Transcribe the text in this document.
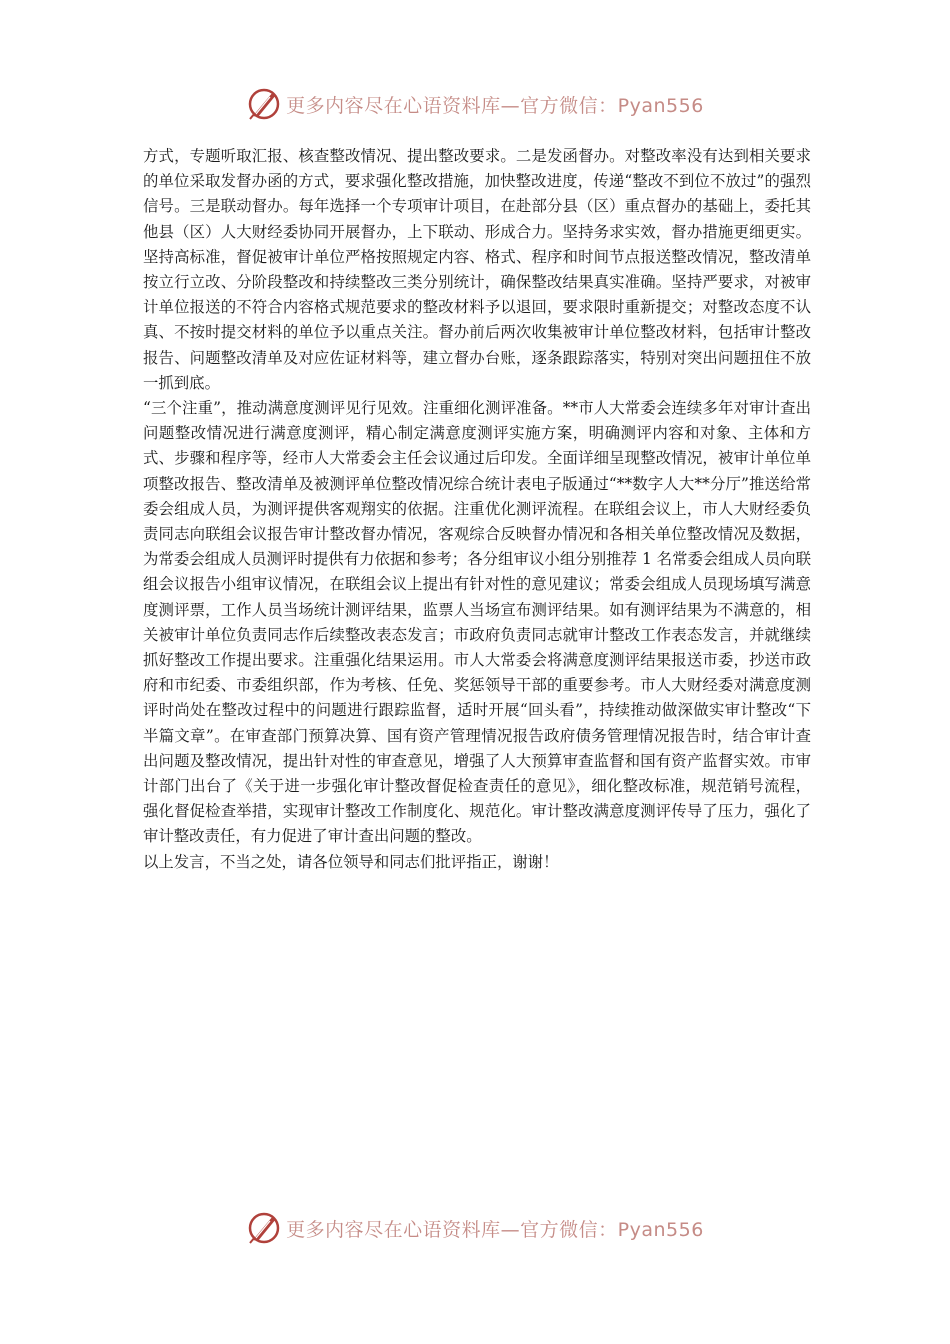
更多内容尽在心语资料库—官方微信：Pyan556

方式，专题听取汇报、核查整改情况、提出整改要求。二是发函督办。对整改率没有达到相关要求的单位采取发督办函的方式，要求强化整改措施，加快整改进度，传递“整改不到位不放过”的强烈信号。三是联动督办。每年选择一个专项审计项目，在赴部分县（区）重点督办的基础上，委托其他县（区）人大财经委协同开展督办，上下联动、形成合力。坚持务求实效，督办措施更细更实。坚持高标准，督促被审计单位严格按照规定内容、格式、程序和时间节点报送整改情况，整改清单按立行立改、分阶段整改和持续整改三类分别统计，确保整改结果真实准确。坚持严要求，对被审计单位报送的不符合内容格式规范要求的整改材料予以退回，要求限时重新提交；对整改态度不认真、不按时提交材料的单位予以重点关注。督办前后两次收集被审计单位整改材料，包括审计整改报告、问题整改清单及对应佐证材料等，建立督办台账，逐条跟踪落实，特别对突出问题扭住不放一抓到底。

“三个注重”，推动满意度测评见行见效。注重细化测评准备。**市人大常委会连续多年对审计查出问题整改情况进行满意度测评，精心制定满意度测评实施方案，明确测评内容和对象、主体和方式、步骤和程序等，经市人大常委会主任会议通过后印发。全面详细呈现整改情况，被审计单位单项整改报告、整改清单及被测评单位整改情况综合统计表电子版通过“**数字人大**分厅”推送给常委会组成人员，为测评提供客观翔实的依据。注重优化测评流程。在联组会议上，市人大财经委负责同志向联组会议报告审计整改督办情况，客观综合反映督办情况和各相关单位整改情况及数据，为常委会组成人员测评时提供有力依据和参考；各分组审议小组分别推荐 1 名常委会组成人员向联组会议报告小组审议情况，在联组会议上提出有针对性的意见建议；常委会组成人员现场填写满意度测评票，工作人员当场统计测评结果，监票人当场宣布测评结果。如有测评结果为不满意的，相关被审计单位负责同志作后续整改表态发言；市政府负责同志就审计整改工作表态发言，并就继续抓好整改工作提出要求。注重强化结果运用。市人大常委会将满意度测评结果报送市委，抄送市政府和市纪委、市委组织部，作为考核、任免、奖惩领导干部的重要参考。市人大财经委对满意度测评时尚处在整改过程中的问题进行跟踪监督，适时开展“回头看”，持续推动做深做实审计整改“下半篇文章”。在审查部门预算决算、国有资产管理情况报告政府债务管理情况报告时，结合审计查出问题及整改情况，提出针对性的审查意见，增强了人大预算审查监督和国有资产监督实效。市审计部门出台了《关于进一步强化审计整改督促检查责任的意见》，细化整改标准，规范销号流程，强化督促检查举措，实现审计整改工作制度化、规范化。审计整改满意度测评传导了压力，强化了审计整改责任，有力促进了审计查出问题的整改。

以上发言，不当之处，请各位领导和同志们批评指正，谢谢！

更多内容尽在心语资料库—官方微信：Pyan556
